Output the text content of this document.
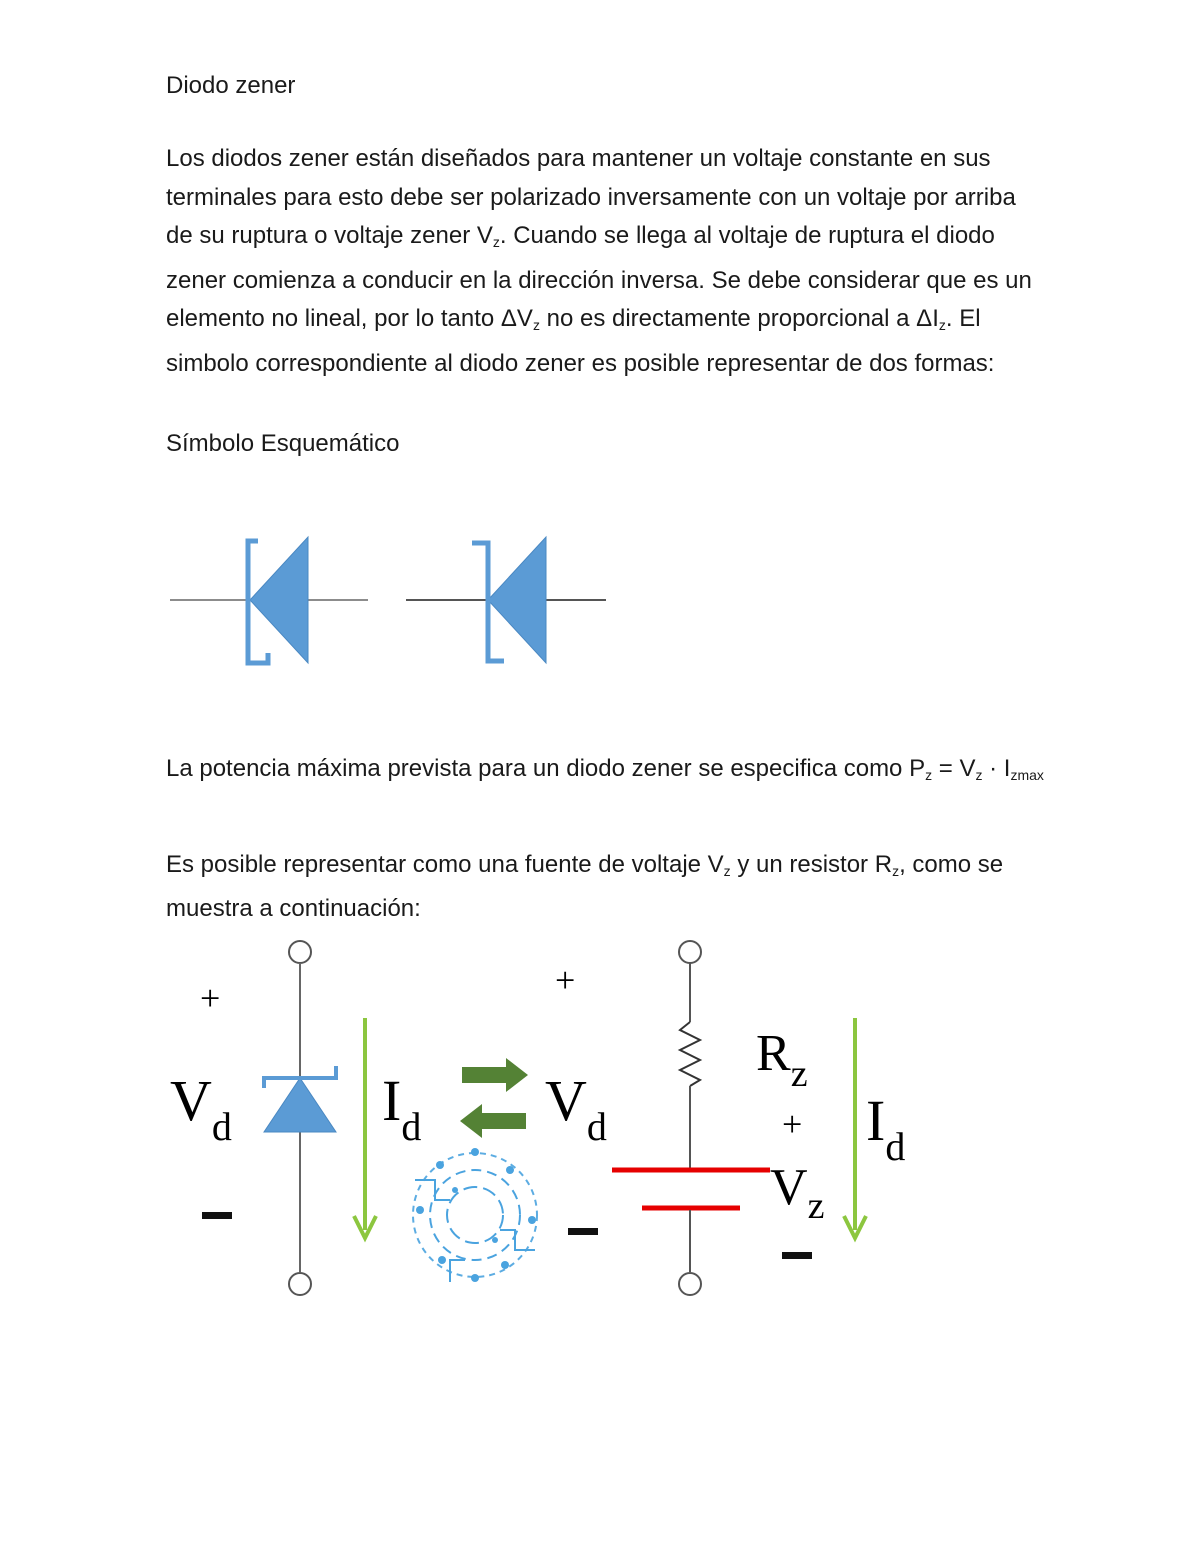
Diodo zener
Los diodos zener están diseñados para mantener un voltaje constante en sus terminales para esto debe ser polarizado inversamente con un voltaje por arriba de su ruptura o voltaje zener $V_z$. Cuando se llega al voltaje de ruptura el diodo zener comienza a conducir en la dirección inversa. Se debe considerar que es un elemento no lineal, por lo tanto $\Delta V_z$ no es directamente proporcional a $\Delta I_z$. El simbolo correspondiente al diodo zener es posible representar de dos formas:
Símbolo Esquemático
La potencia máxima prevista para un diodo zener se especifica como $P_z = V_z \cdot I_{zmax}$
Es posible representar como una fuente de voltaje $V_z$ y un resistor $R_z$, como se muestra a continuación:
+
$V_d$	$I_d$
+
$V_d$
$R_z$
+
$V_z$
$I_d$
